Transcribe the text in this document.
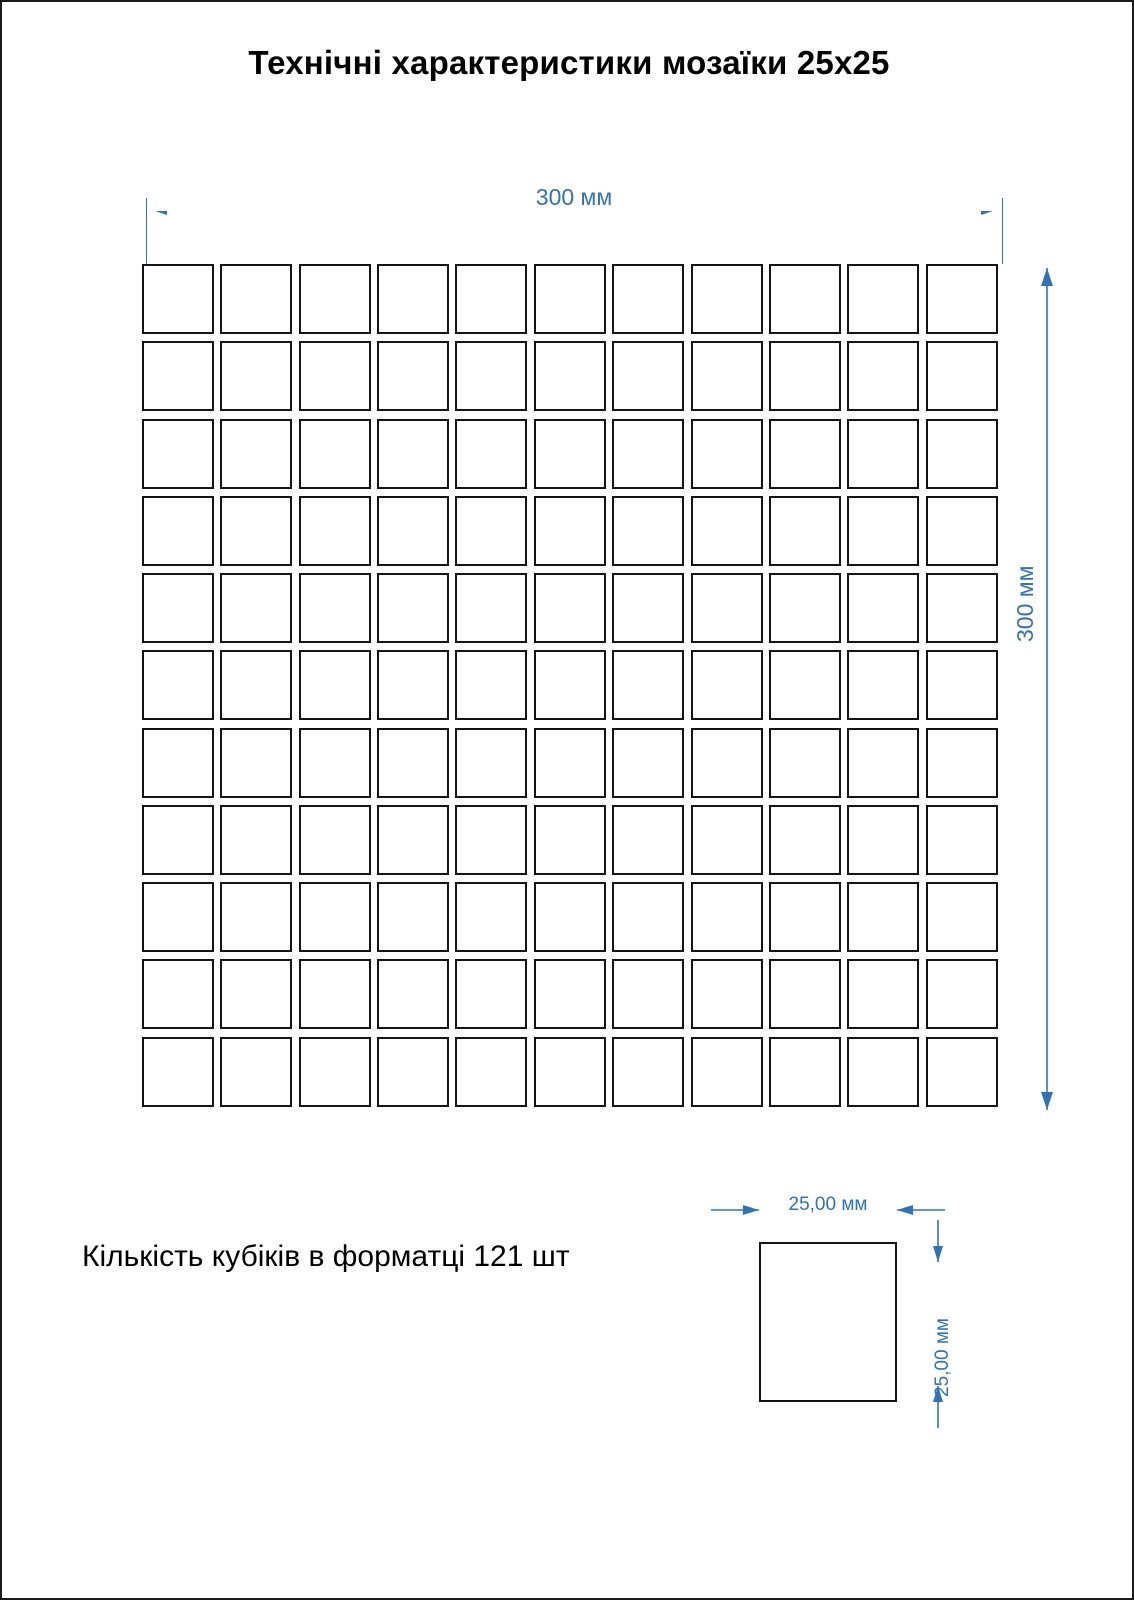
Технічні характеристики мозаїки 25x25
300 мм
300 мм
Кількість кубіків в форматці 121 шт
25,00 мм
25,00 мм
